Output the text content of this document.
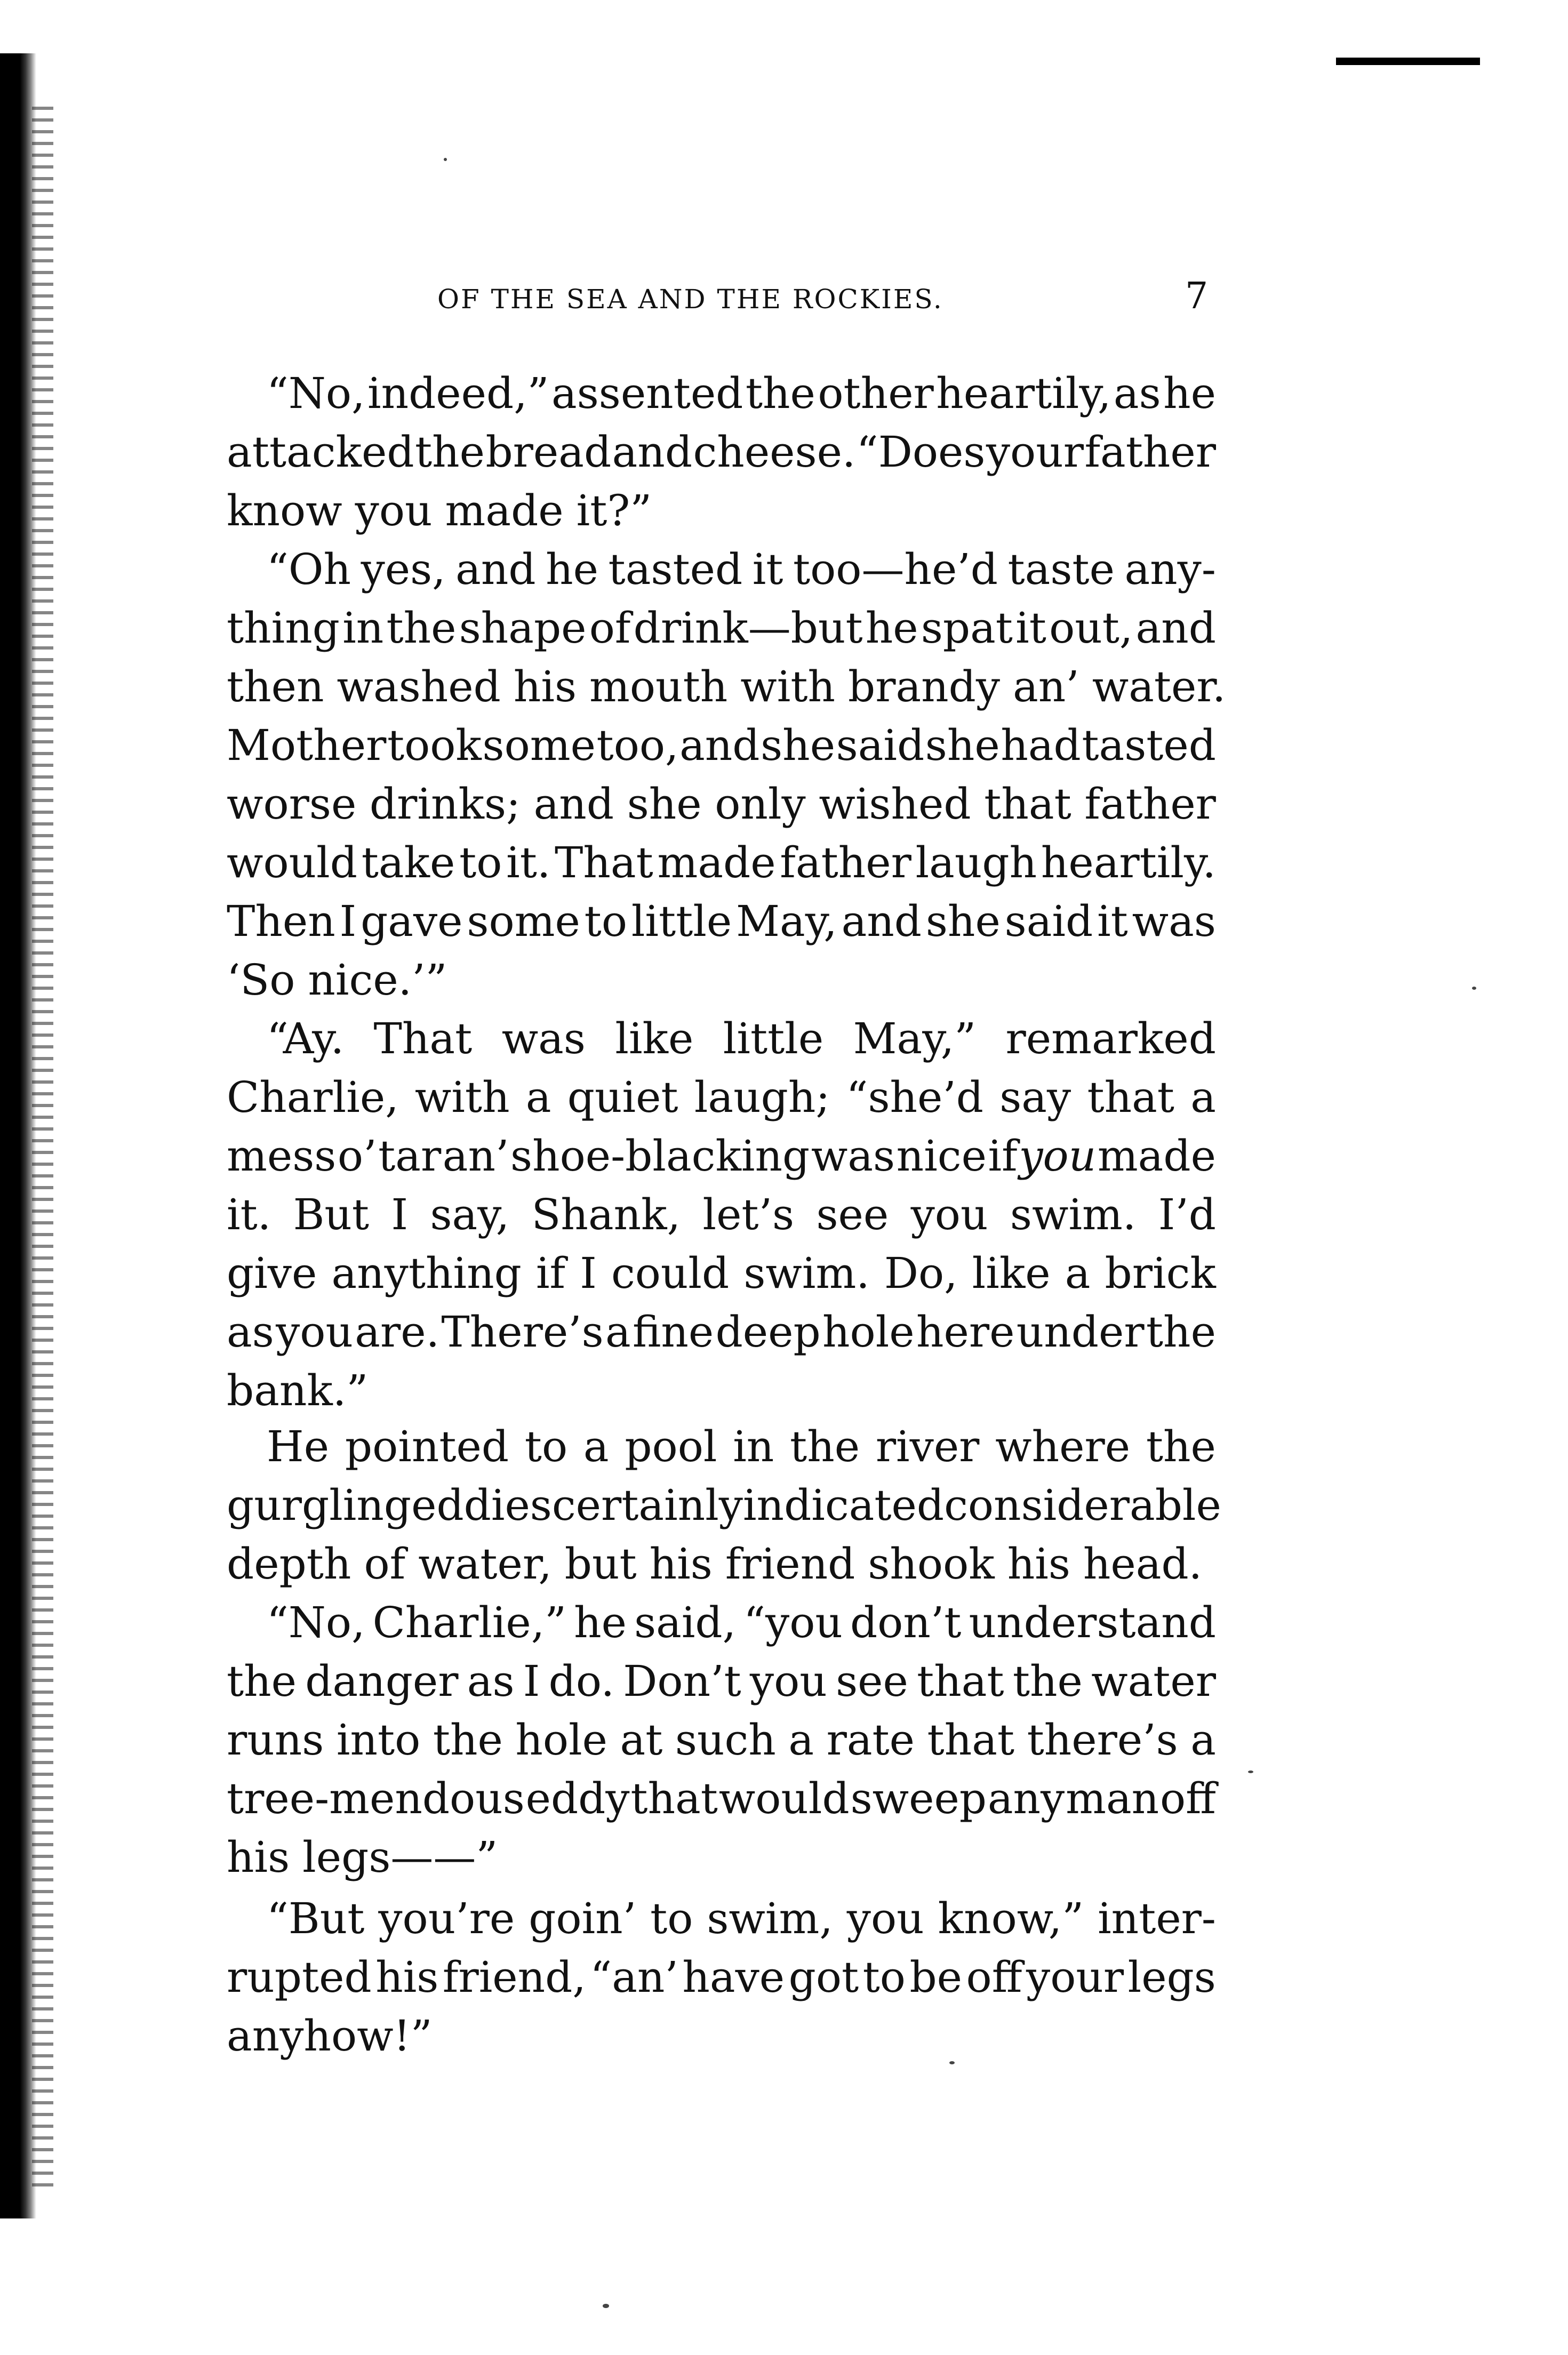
OF THE SEA AND THE ROCKIES.	7
“No, indeed,” assented the other heartily, as he
attacked the bread and cheese. “Does your father
know you made it?”
“Oh yes, and he tasted it too—he’d taste any-
thing in the shape of drink—but he spat it out, and
then washed his mouth with brandy an’ water.
Mother took some too, and she said she had tasted
worse drinks; and she only wished that father
would take to it. That made father laugh heartily.
Then I gave some to little May, and she said it was
‘So nice.’”
“Ay. That was like little May,” remarked
Charlie, with a quiet laugh; “she’d say that a
mess o’ tar an’ shoe-blacking was nice if you made
it. But I say, Shank, let’s see you swim. I’d
give anything if I could swim. Do, like a brick
as you are. There’s a fine deep hole here under the
bank.”
He pointed to a pool in the river where the
gurgling eddies certainly indicated considerable
depth of water, but his friend shook his head.
“No, Charlie,” he said, “you don’t understand
the danger as I do. Don’t you see that the water
runs into the hole at such a rate that there’s a
tree-mendous eddy that would sweep any man off
his legs——”
“But you’re goin’ to swim, you know,” inter-
rupted his friend, “an’ have got to be off your legs
anyhow!”
